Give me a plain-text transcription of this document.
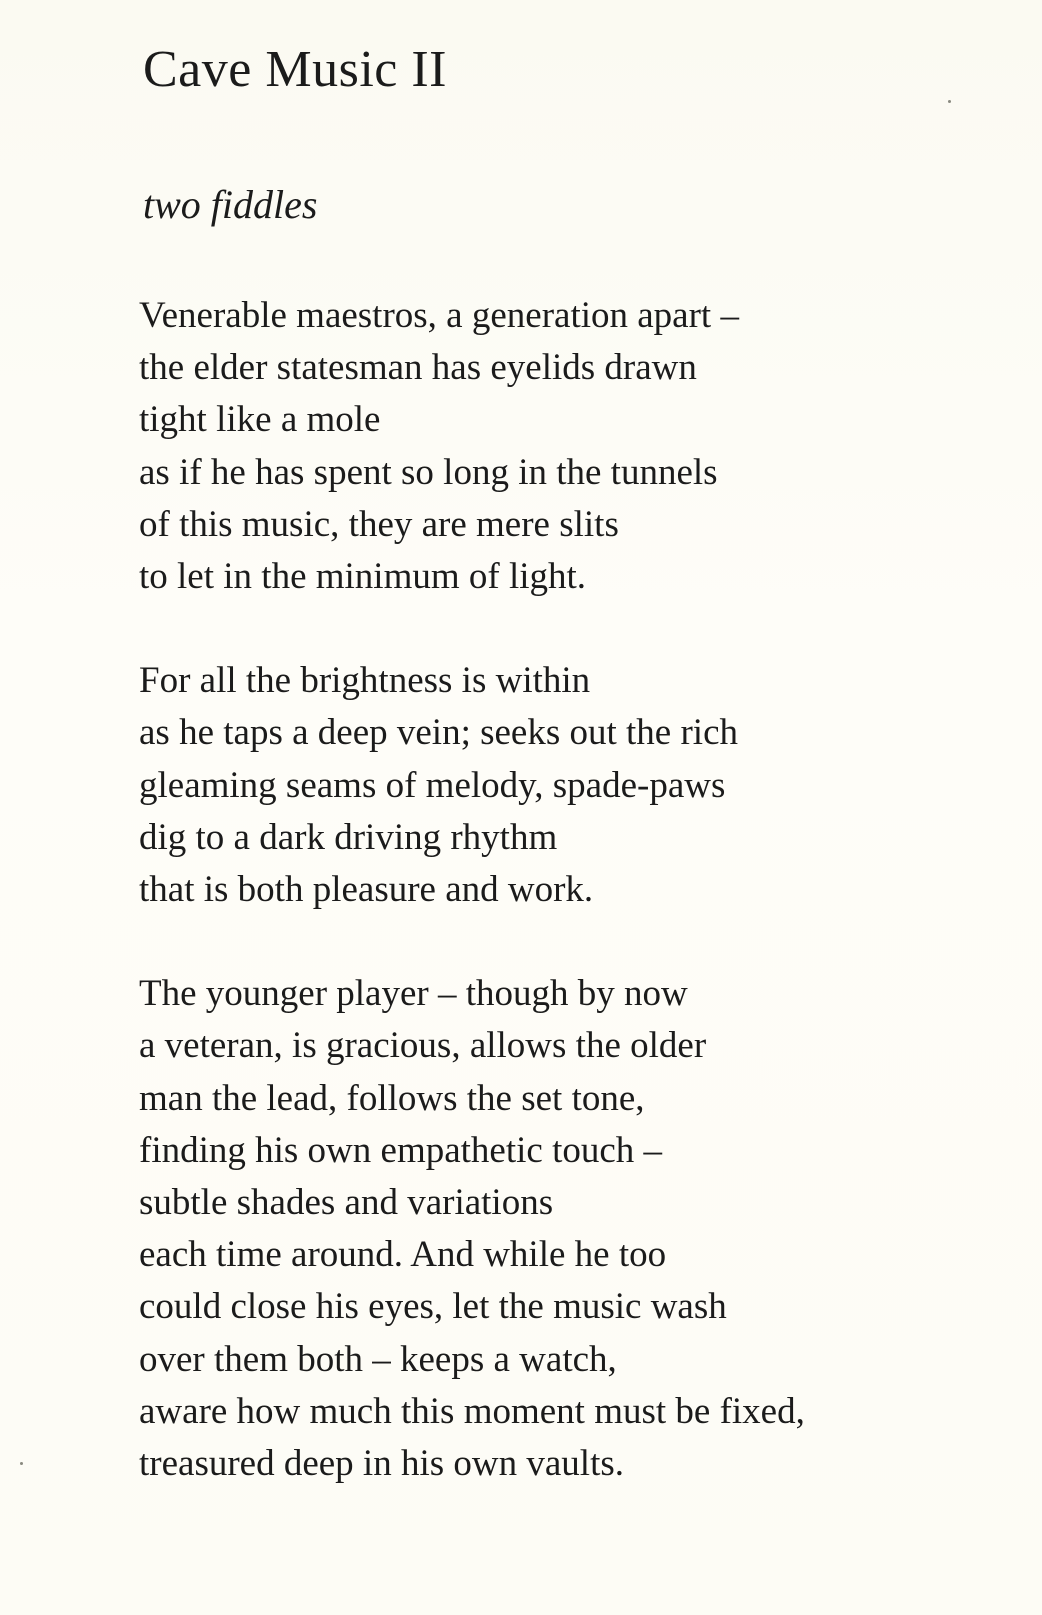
Cave Music II
two fiddles
Venerable maestros, a generation apart –
the elder statesman has eyelids drawn
tight like a mole
as if he has spent so long in the tunnels
of this music, they are mere slits
to let in the minimum of light.
For all the brightness is within
as he taps a deep vein; seeks out the rich
gleaming seams of melody, spade-paws
dig to a dark driving rhythm
that is both pleasure and work.
The younger player – though by now
a veteran, is gracious, allows the older
man the lead, follows the set tone,
finding his own empathetic touch –
subtle shades and variations
each time around. And while he too
could close his eyes, let the music wash
over them both – keeps a watch,
aware how much this moment must be fixed,
treasured deep in his own vaults.
